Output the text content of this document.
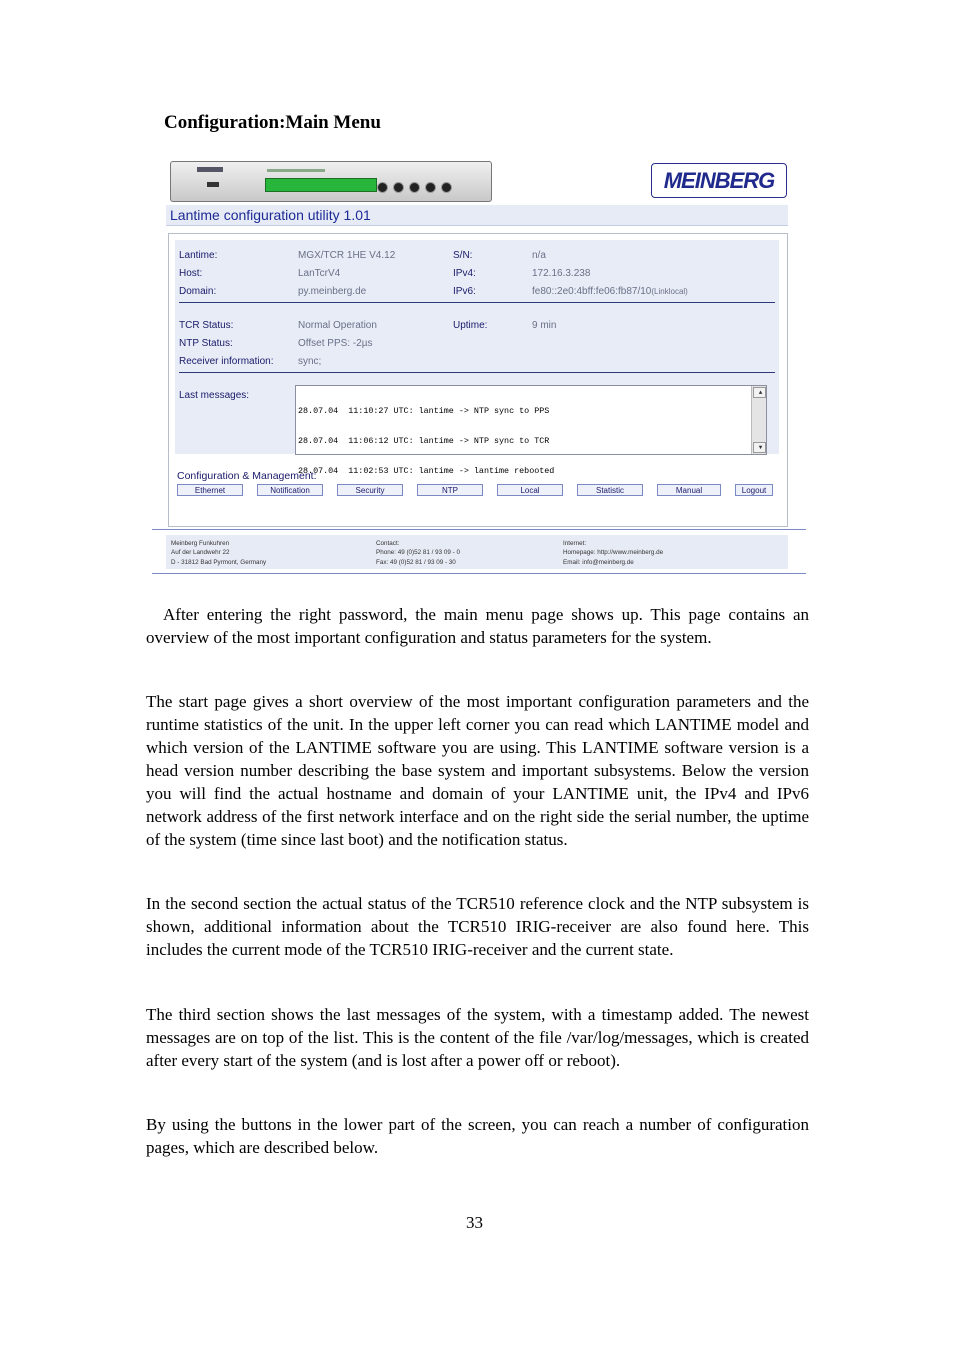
Configuration:Main Menu
MEINBERG
Lantime configuration utility 1.01
Lantime:	MGX/TCR 1HE V4.12	S/N:	n/a
Host:	LanTcrV4	IPv4:	172.16.3.238
Domain:	py.meinberg.de	IPv6:	fe80::2e0:4bff:fe06:fb87/10(Linklocal)
TCR Status:	Normal Operation	Uptime:	9 min
NTP Status:	Offset PPS: -2µs
Receiver information: sync;
Last messages:

28.07.04  11:10:27 UTC: lantime -> NTP sync to PPS

28.07.04  11:06:12 UTC: lantime -> NTP sync to TCR

28.07.04  11:02:53 UTC: lantime -> lantime rebooted

▲

▼

Configuration & Management:
Ethernet	Notification	Security	NTP	Local	Statistic	Manual	Logout
Meinberg Funkuhren
Auf der Landwehr 22
D - 31812 Bad Pyrmont, Germany
Contact:
Phone: 49 (0)52 81 / 93 09 - 0
Fax: 49 (0)52 81 / 93 09 - 30
Internet:
Homepage: http://www.meinberg.de
Email: info@meinberg.de

After entering the right password, the main menu page shows up. This page contains an overview of the most important configuration and status parameters for the system.

The start page gives a short overview of the most important configuration parameters and the runtime statistics of the unit. In the upper left corner you can read which LANTIME model and which version of the LANTIME software you are using. This LANTIME software version is a head version number describing the base system and important subsystems. Below the version you will find the actual hostname and domain of your LANTIME unit, the IPv4 and IPv6 network address of the first network interface and on the right side the serial number, the uptime of the system (time since last boot) and the notification status.

In the second section the actual status of the TCR510 reference clock and the NTP subsystem is shown, additional information about the TCR510 IRIG-receiver are also found here. This includes the current mode of the TCR510 IRIG-receiver and the current state.

The third section shows the last messages of the system, with a timestamp added. The newest messages are on top of the list. This is the content of the file /var/log/messages, which is created after every start of the system (and is lost after a power off or reboot).

By using the buttons in the lower part of the screen, you can reach a number of configuration pages, which are described below.

33
